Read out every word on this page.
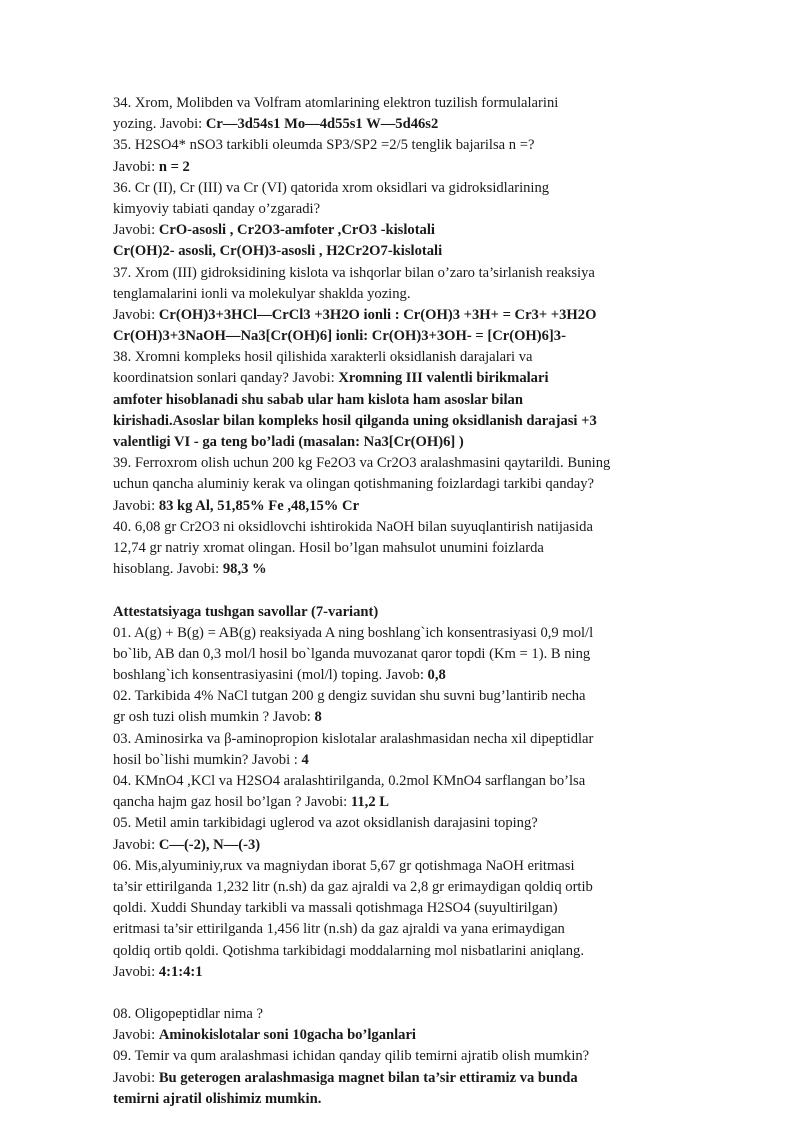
34. Xrom, Molibden va Volfram atomlarining elektron tuzilish formulalarini
yozing. Javobi: Cr—3d54s1 Mo—4d55s1 W—5d46s2
35. H2SO4* nSO3 tarkibli oleumda SP3/SP2 =2/5 tenglik bajarilsa n =?
Javobi: n = 2
36. Cr (II), Cr (III) va Cr (VI) qatorida xrom oksidlari va gidroksidlarining
kimyoviy tabiati qanday o’zgaradi?
Javobi: CrO-asosli , Cr2O3-amfoter ,CrO3 -kislotali
Cr(OH)2- asosli, Cr(OH)3-asosli , H2Cr2O7-kislotali
37. Xrom (III) gidroksidining kislota va ishqorlar bilan o’zaro ta’sirlanish reaksiya
tenglamalarini ionli va molekulyar shaklda yozing.
Javobi: Cr(OH)3+3HCl—CrCl3 +3H2O ionli : Cr(OH)3 +3H+ = Cr3+ +3H2O
Cr(OH)3+3NaOH—Na3[Cr(OH)6] ionli: Cr(OH)3+3OH- = [Cr(OH)6]3-
38. Xromni kompleks hosil qilishida xarakterli oksidlanish darajalari va
koordinatsion sonlari qanday? Javobi: Xromning III valentli birikmalari
amfoter hisoblanadi shu sabab ular ham kislota ham asoslar bilan
kirishadi.Asoslar bilan kompleks hosil qilganda uning oksidlanish darajasi +3
valentligi VI - ga teng bo’ladi (masalan: Na3[Cr(OH)6] )
39. Ferroxrom olish uchun 200 kg Fe2O3 va Cr2O3 aralashmasini qaytarildi. Buning
uchun qancha aluminiy kerak va olingan qotishmaning foizlardagi tarkibi qanday?
Javobi: 83 kg Al, 51,85% Fe ,48,15% Cr
40. 6,08 gr Cr2O3 ni oksidlovchi ishtirokida NaOH bilan suyuqlantirish natijasida
12,74 gr natriy xromat olingan. Hosil bo’lgan mahsulot unumini foizlarda
hisoblang. Javobi: 98,3 %
Attestatsiyaga tushgan savollar (7-variant)
01. A(g) + B(g) = AB(g) reaksiyada A ning boshlang`ich konsentrasiyasi 0,9 mol/l
bo`lib, AB dan 0,3 mol/l hosil bo`lganda muvozanat qaror topdi (Km = 1). B ning
boshlang`ich konsentrasiyasini (mol/l) toping. Javob: 0,8
02. Tarkibida 4% NaCl tutgan 200 g dengiz suvidan shu suvni bug’lantirib necha
gr osh tuzi olish mumkin ? Javob: 8
03. Aminosirka va β-aminopropion kislotalar aralashmasidan necha xil dipeptidlar
hosil bo`lishi mumkin? Javobi : 4
04. KMnO4 ,KCl va H2SO4 aralashtirilganda, 0.2mol KMnO4 sarflangan bo’lsa
qancha hajm gaz hosil bo’lgan ? Javobi: 11,2 L
05. Metil amin tarkibidagi uglerod va azot oksidlanish darajasini toping?
Javobi: C—(-2), N—(-3)
06. Mis,alyuminiy,rux va magniydan iborat 5,67 gr qotishmaga NaOH eritmasi
ta’sir ettirilganda 1,232 litr (n.sh) da gaz ajraldi va 2,8 gr erimaydigan qoldiq ortib
qoldi. Xuddi Shunday tarkibli va massali qotishmaga H2SO4 (suyultirilgan)
eritmasi ta’sir ettirilganda 1,456 litr (n.sh) da gaz ajraldi va yana erimaydigan
qoldiq ortib qoldi. Qotishma tarkibidagi moddalarning mol nisbatlarini aniqlang.
Javobi: 4:1:4:1
08. Oligopeptidlar nima ?
Javobi: Aminokislotalar soni 10gacha bo’lganlari
09. Temir va qum aralashmasi ichidan qanday qilib temirni ajratib olish mumkin?
Javobi: Bu geterogen aralashmasiga magnet bilan ta’sir ettiramiz va bunda
temirni ajratil olishimiz mumkin.
